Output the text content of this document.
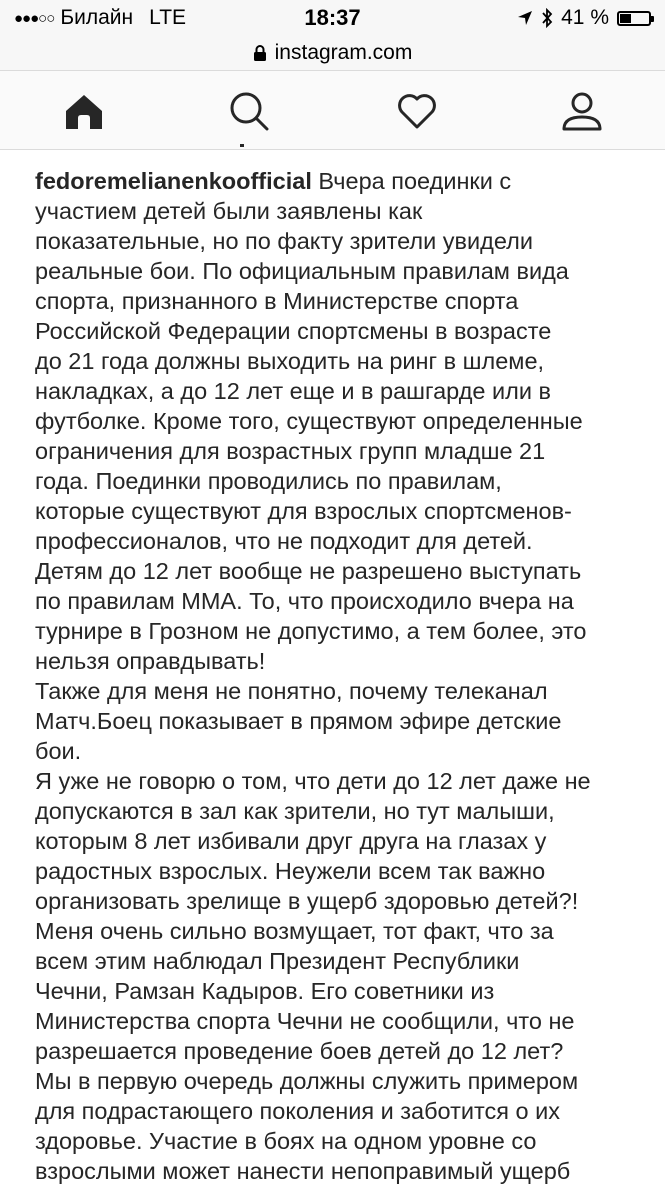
●●●○○ Билайн LTE	18:37	41 %
instagram.com

fedoremelianenkoofficial Вчера поединки с

участием детей были заявлены как

показательные, но по факту зрители увидели

реальные бои. По официальным правилам вида

спорта, признанного в Министерстве спорта

Российской Федерации спортсмены в возрасте

до 21 года должны выходить на ринг в шлеме,

накладках, а до 12 лет еще и в рашгарде или в

футболке. Кроме того, существуют определенные

ограничения для возрастных групп младше 21

года. Поединки проводились по правилам,

которые существуют для взрослых спортсменов-

профессионалов, что не подходит для детей.

Детям до 12 лет вообще не разрешено выступать

по правилам ММА. То, что происходило вчера на

турнире в Грозном не допустимо, а тем более, это

нельзя оправдывать!

Также для меня не понятно, почему телеканал

Матч.Боец показывает в прямом эфире детские

бои.

Я уже не говорю о том, что дети до 12 лет даже не

допускаются в зал как зрители, но тут малыши,

которым 8 лет избивали друг друга на глазах у

радостных взрослых. Неужели всем так важно

организовать зрелище в ущерб здоровью детей?!

Меня очень сильно возмущает, тот факт, что за

всем этим наблюдал Президент Республики

Чечни, Рамзан Кадыров. Его советники из

Министерства спорта Чечни не сообщили, что не

разрешается проведение боев детей до 12 лет?

Мы в первую очередь должны служить примером

для подрастающего поколения и заботится о их

здоровье. Участие в боях на одном уровне со

взрослыми может нанести непоправимый ущерб
